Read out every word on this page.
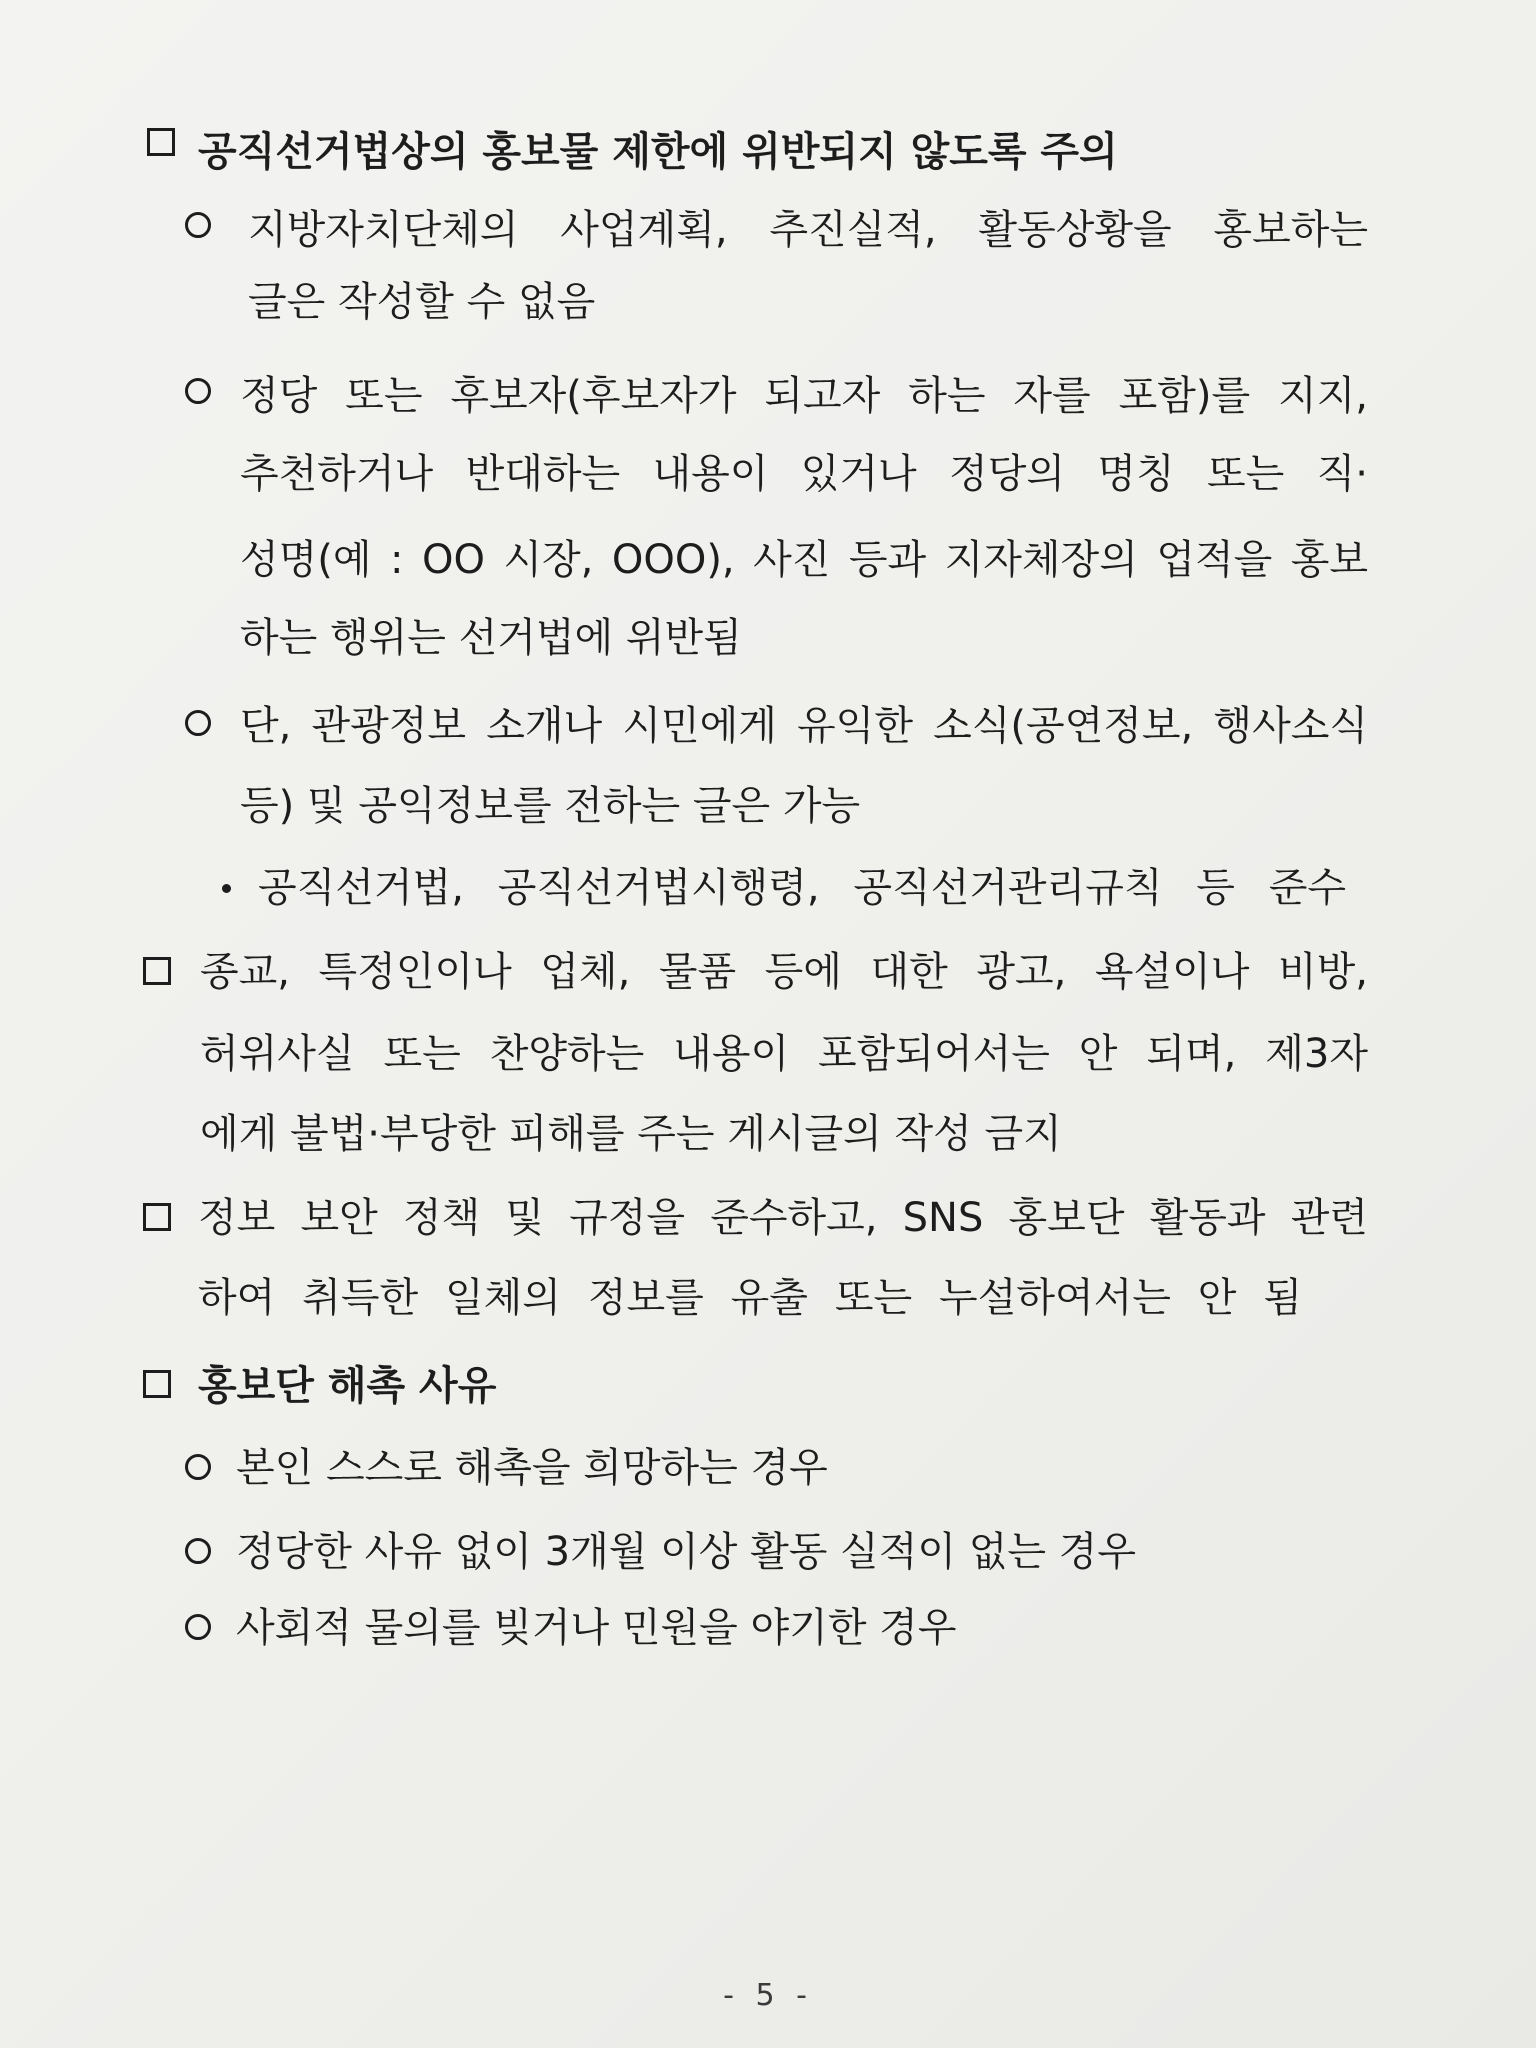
공직선거법상의 홍보물 제한에 위반되지 않도록 주의
지방자치단체의 사업계획, 추진실적, 활동상황을 홍보하는
글은 작성할 수 없음
정당 또는 후보자(후보자가 되고자 하는 자를 포함)를 지지,
추천하거나 반대하는 내용이 있거나 정당의 명칭 또는 직·
성명(예 : OO 시장, OOO), 사진 등과 지자체장의 업적을 홍보
하는 행위는 선거법에 위반됨
단, 관광정보 소개나 시민에게 유익한 소식(공연정보, 행사소식
등) 및 공익정보를 전하는 글은 가능
공직선거법, 공직선거법시행령, 공직선거관리규칙 등 준수
종교, 특정인이나 업체, 물품 등에 대한 광고, 욕설이나 비방,
허위사실 또는 찬양하는 내용이 포함되어서는 안 되며, 제3자
에게 불법·부당한 피해를 주는 게시글의 작성 금지
정보 보안 정책 및 규정을 준수하고, SNS 홍보단 활동과 관련
하여 취득한 일체의 정보를 유출 또는 누설하여서는 안 됨
홍보단 해촉 사유
본인 스스로 해촉을 희망하는 경우
정당한 사유 없이 3개월 이상 활동 실적이 없는 경우
사회적 물의를 빚거나 민원을 야기한 경우
- 5 -
